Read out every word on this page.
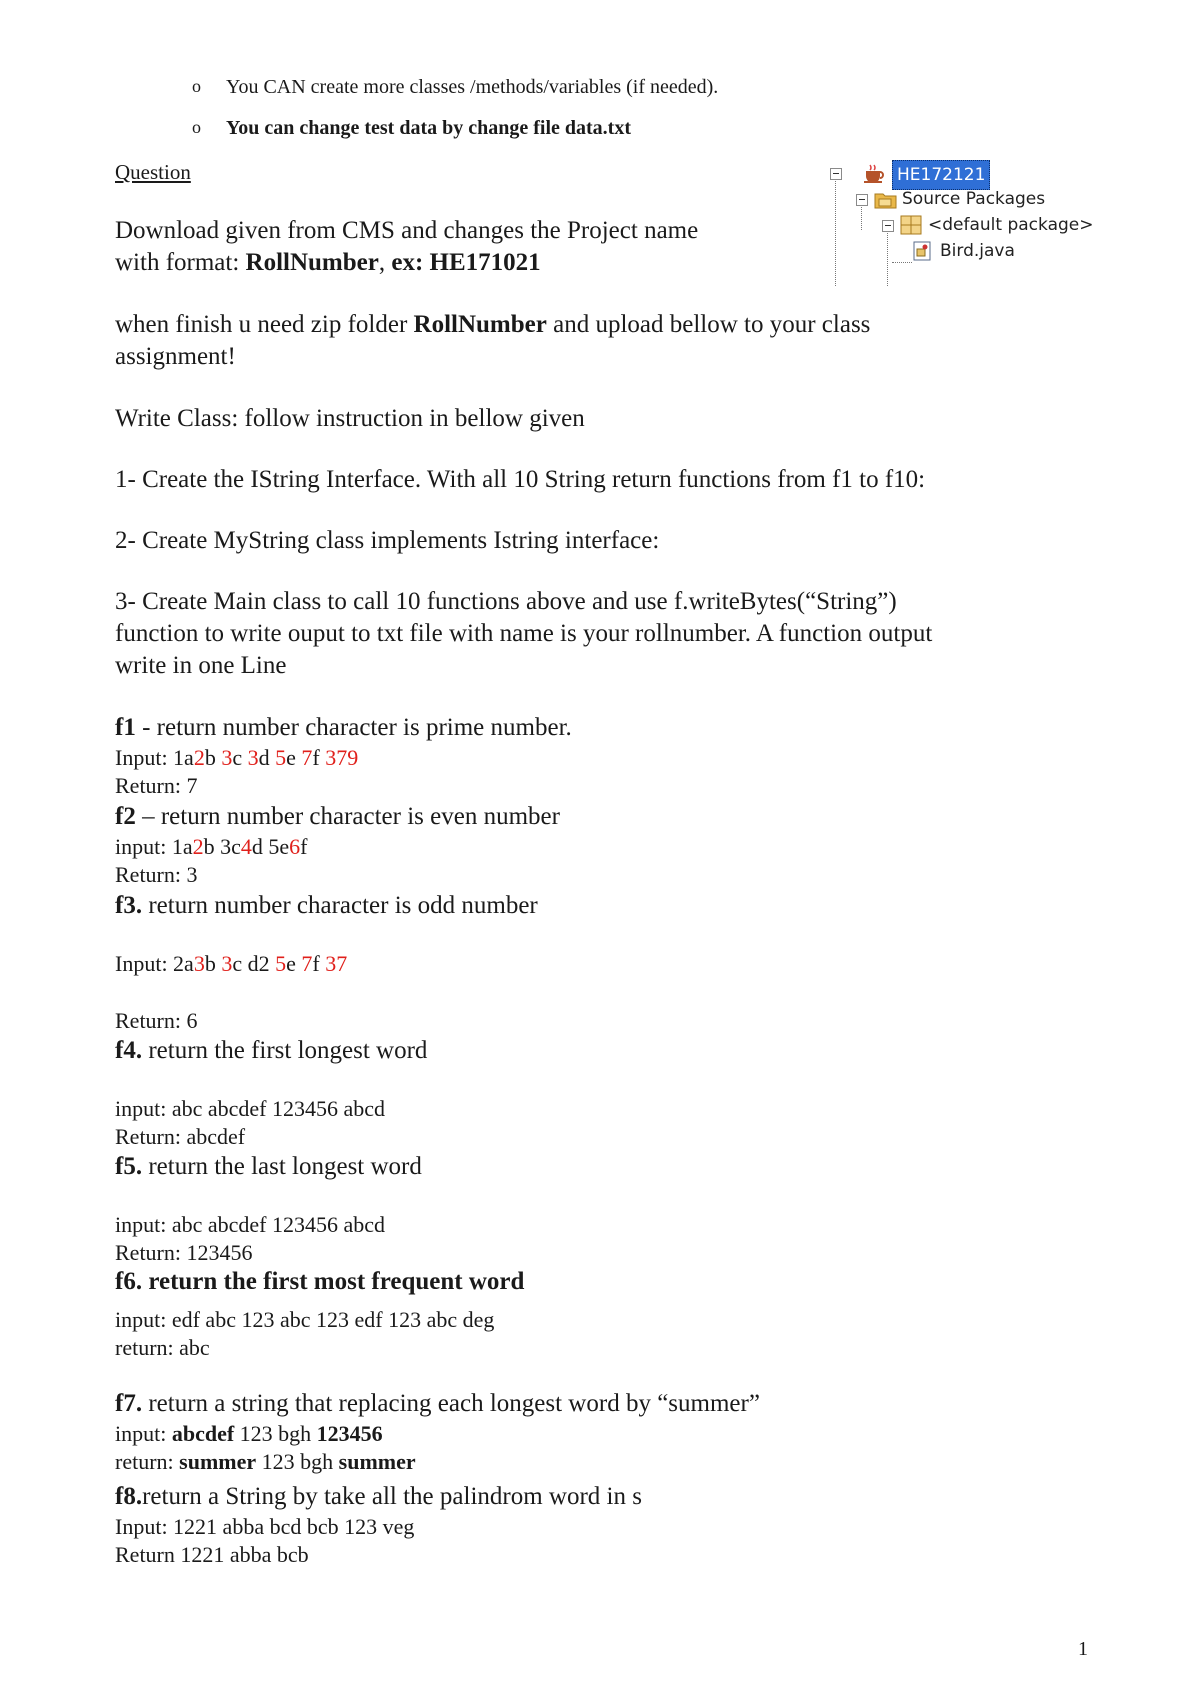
o You CAN create more classes /methods/variables (if needed).
o You can change test data by change file data.txt
Question	HE172121
Source Packages
<default package>
Bird.java
Download given from CMS and changes the Project name
with format: RollNumber, ex: HE171021
when finish u need zip folder RollNumber and upload bellow to your class
assignment!
Write Class: follow instruction in bellow given
1- Create the IString Interface. With all 10 String return functions from f1 to f10:
2- Create MyString class implements Istring interface:
3- Create Main class to call 10 functions above and use f.writeBytes(“String”)
function to write ouput to txt file with name is your rollnumber. A function output
write in one Line
f1 - return number character is prime number.
Input: 1a2b 3c 3d 5e 7f 379
Return: 7
f2 – return number character is even number
input: 1a2b 3c4d 5e6f
Return: 3
f3. return number character is odd number
Input: 2a3b 3c d2 5e 7f 37
Return: 6
f4. return the first longest word
input: abc abcdef 123456 abcd
Return: abcdef
f5. return the last longest word
input: abc abcdef 123456 abcd
Return: 123456
f6. return the first most frequent word
input: edf abc 123 abc 123 edf 123 abc deg
return: abc
f7. return a string that replacing each longest word by “summer”
input: abcdef 123 bgh 123456
return: summer 123 bgh summer
f8.return a String by take all the palindrom word in s
Input: 1221 abba bcd bcb 123 veg
Return 1221 abba bcb
1
